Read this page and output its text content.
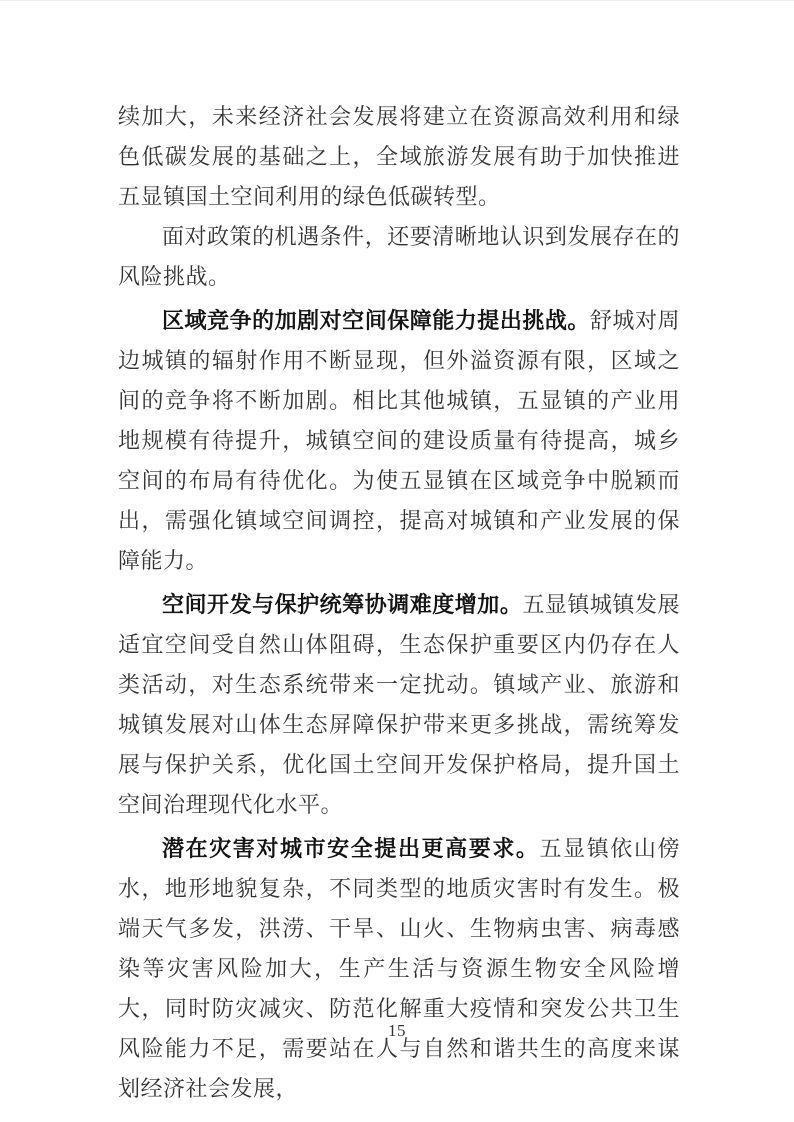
续加大，未来经济社会发展将建立在资源高效利用和绿色低碳发展的基础之上，全域旅游发展有助于加快推进五显镇国土空间利用的绿色低碳转型。

面对政策的机遇条件，还要清晰地认识到发展存在的风险挑战。

区域竞争的加剧对空间保障能力提出挑战。舒城对周边城镇的辐射作用不断显现，但外溢资源有限，区域之间的竞争将不断加剧。相比其他城镇，五显镇的产业用地规模有待提升，城镇空间的建设质量有待提高，城乡空间的布局有待优化。为使五显镇在区域竞争中脱颖而出，需强化镇域空间调控，提高对城镇和产业发展的保障能力。

空间开发与保护统筹协调难度增加。五显镇城镇发展适宜空间受自然山体阻碍，生态保护重要区内仍存在人类活动，对生态系统带来一定扰动。镇域产业、旅游和城镇发展对山体生态屏障保护带来更多挑战，需统筹发展与保护关系，优化国土空间开发保护格局，提升国土空间治理现代化水平。

潜在灾害对城市安全提出更高要求。五显镇依山傍水，地形地貌复杂，不同类型的地质灾害时有发生。极端天气多发，洪涝、干旱、山火、生物病虫害、病毒感染等灾害风险加大，生产生活与资源生物安全风险增大，同时防灾减灾、防范化解重大疫情和突发公共卫生风险能力不足，需要站在人与自然和谐共生的高度来谋划经济社会发展，

15
